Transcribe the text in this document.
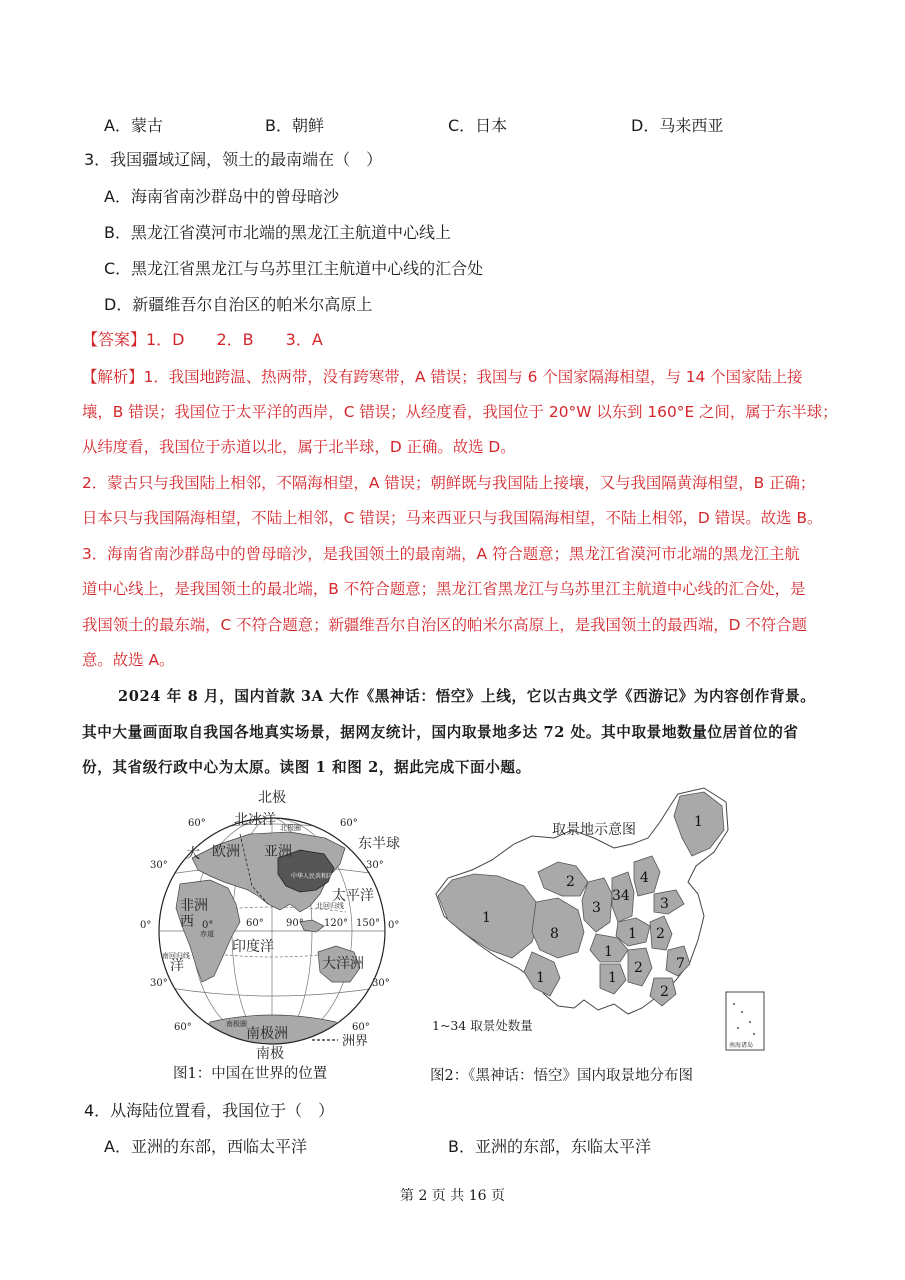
A．蒙古	B．朝鲜	C．日本	D．马来西亚
3．我国疆域辽阔，领土的最南端在（　）
A．海南省南沙群岛中的曾母暗沙
B．黑龙江省漠河市北端的黑龙江主航道中心线上
C．黑龙江省黑龙江与乌苏里江主航道中心线的汇合处
D．新疆维吾尔自治区的帕米尔高原上
【答案】1．D　　2．B　　3．A
【解析】1．我国地跨温、热两带，没有跨寒带，A 错误；我国与 6 个国家隔海相望，与 14 个国家陆上接
壤，B 错误；我国位于太平洋的西岸，C 错误；从经度看，我国位于 20°W 以东到 160°E 之间，属于东半球；
从纬度看，我国位于赤道以北，属于北半球，D 正确。故选 D。
2．蒙古只与我国陆上相邻，不隔海相望，A 错误；朝鲜既与我国陆上接壤，又与我国隔黄海相望，B 正确；
日本只与我国隔海相望，不陆上相邻，C 错误；马来西亚只与我国隔海相望，不陆上相邻，D 错误。故选 B。
3．海南省南沙群岛中的曾母暗沙，是我国领土的最南端，A 符合题意；黑龙江省漠河市北端的黑龙江主航
道中心线上，是我国领土的最北端，B 不符合题意；黑龙江省黑龙江与乌苏里江主航道中心线的汇合处，是
我国领土的最东端，C 不符合题意；新疆维吾尔自治区的帕米尔高原上，是我国领土的最西端，D 不符合题
意。故选 A。
2024 年 8 月，国内首款 3A 大作《黑神话：悟空》上线，它以古典文学《西游记》为内容创作背景。
其中大量画面取自我国各地真实场景，据网友统计，国内取景地多达 72 处。其中取景地数量位居首位的省
份，其省级行政中心为太原。读图 1 和图 2，据此完成下面小题。
中华人民共和国
北极
北冰洋 北极圈
东半球
欧洲 亚洲
大
太平洋
非洲
西
赤道
北回归线
南回归线
印度洋
大洋洲
洋
南极圈
南极洲
南极
60°	60°
30°	30°
0°	0°
30°	30°
60°	60°
0°	60° 90° 120° 150°
洲界
1
8
1
2
3
34
4
1
1
1
2
2
3
7
2
1
取景地示意图
1~34 取景处数量
南海诸岛
图1：中国在世界的位置	图2：《黑神话：悟空》国内取景地分布图
4．从海陆位置看，我国位于（　）
A．亚洲的东部，西临太平洋	B．亚洲的东部，东临太平洋
第 2 页 共 16 页
